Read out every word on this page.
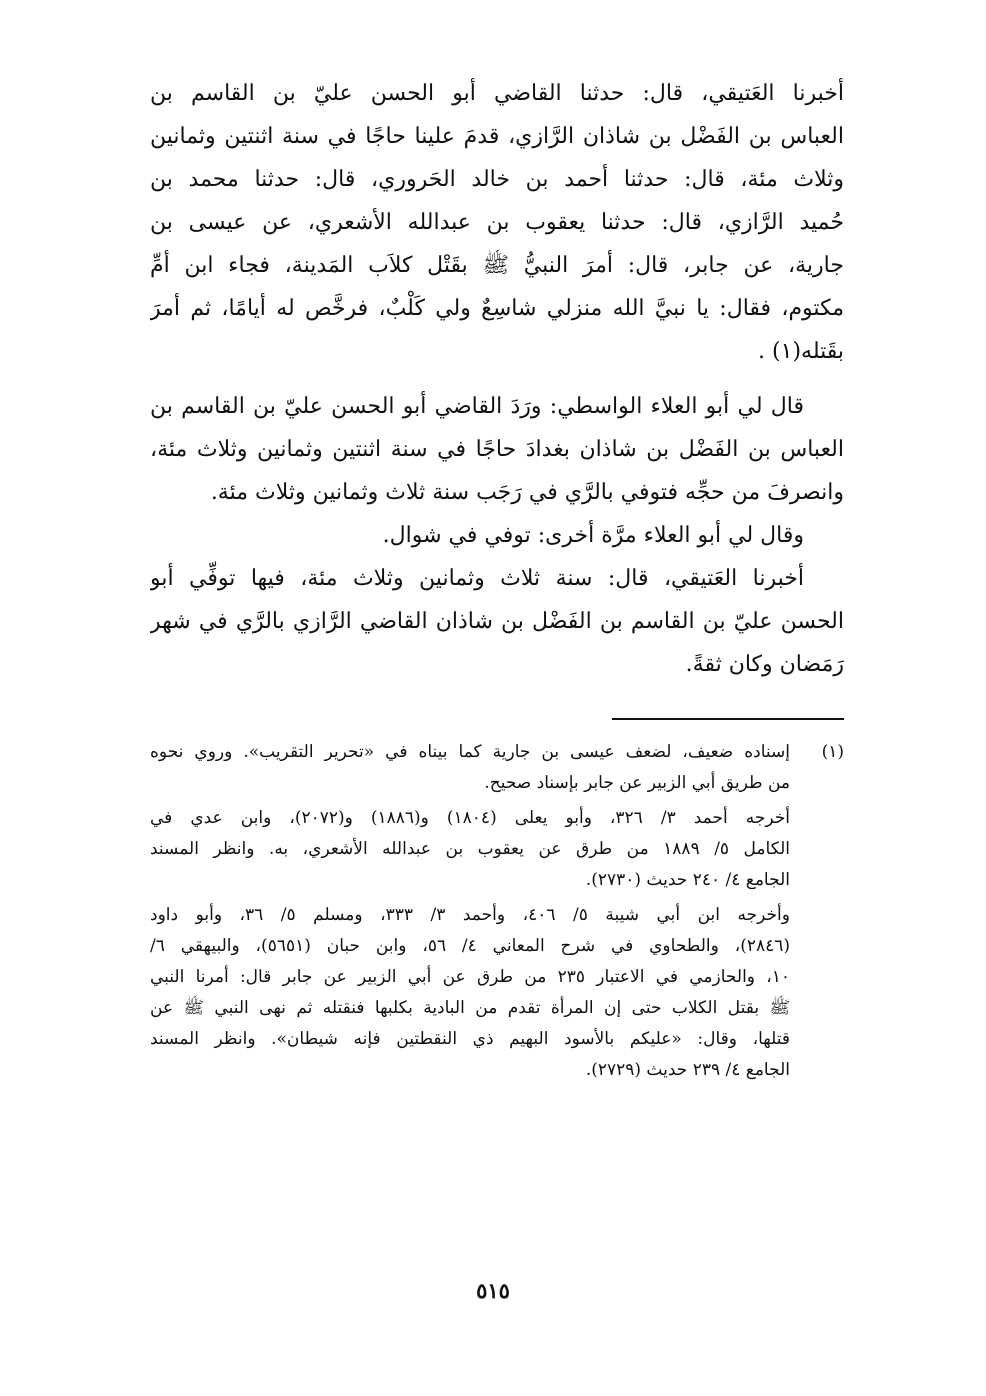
أخبرنا العَتيقي، قال: حدثنا القاضي أبو الحسن عليّ بن القاسم بن
العباس بن الفَضْل بن شاذان الرَّازي، قدمَ علينا حاجًا في سنة اثنتين وثمانين
وثلاث مئة، قال: حدثنا أحمد بن خالد الحَروري، قال: حدثنا محمد بن
حُميد الرَّازي، قال: حدثنا يعقوب بن عبدالله الأشعري، عن عيسى بن
جارية، عن جابر، قال: أمرَ النبيُّ ﷺ بقَتْل كلاَب المَدينة، فجاء ابن أمِّ
مكتوم، فقال: يا نبيَّ الله منزلي شاسِعٌ ولي كَلْبٌ، فرخَّص له أيامًا، ثم أمرَ
بقَتله(١) .
قال لي أبو العلاء الواسطي: ورَدَ القاضي أبو الحسن عليّ بن القاسم بن
العباس بن الفَضْل بن شاذان بغدادَ حاجًا في سنة اثنتين وثمانين وثلاث مئة،
وانصرفَ من حجِّه فتوفي بالرَّي في رَجَب سنة ثلاث وثمانين وثلاث مئة.
وقال لي أبو العلاء مرَّة أخرى: توفي في شوال.
أخبرنا العَتيقي، قال: سنة ثلاث وثمانين وثلاث مئة، فيها توفِّي أبو
الحسن عليّ بن القاسم بن الفَضْل بن شاذان القاضي الرَّازي بالرَّي في شهر
رَمَضان وكان ثقةً.
(١)
إسناده ضعيف، لضعف عيسى بن جارية كما بيناه في «تحرير التقريب». وروي نحوه
من طريق أبي الزبير عن جابر بإسناد صحيح.
أخرجه أحمد ٣/ ٣٢٦، وأبو يعلى (١٨٠٤) و(١٨٨٦) و(٢٠٧٢)، وابن عدي في
الكامل ٥/ ١٨٨٩ من طرق عن يعقوب بن عبدالله الأشعري، به. وانظر المسند
الجامع ٤/ ٢٤٠ حديث (٢٧٣٠).
وأخرجه ابن أبي شيبة ٥/ ٤٠٦، وأحمد ٣/ ٣٣٣، ومسلم ٥/ ٣٦، وأبو داود
(٢٨٤٦)، والطحاوي في شرح المعاني ٤/ ٥٦، وابن حبان (٥٦٥١)، والبيهقي ٦/
١٠، والحازمي في الاعتبار ٢٣٥ من طرق عن أبي الزبير عن جابر قال: أمرنا النبي
ﷺ بقتل الكلاب حتى إن المرأة تقدم من البادية بكلبها فنقتله ثم نهى النبي ﷺ عن
قتلها، وقال: «عليكم بالأسود البهيم ذي النقطتين فإنه شيطان». وانظر المسند
الجامع ٤/ ٢٣٩ حديث (٢٧٢٩).
٥١٥
